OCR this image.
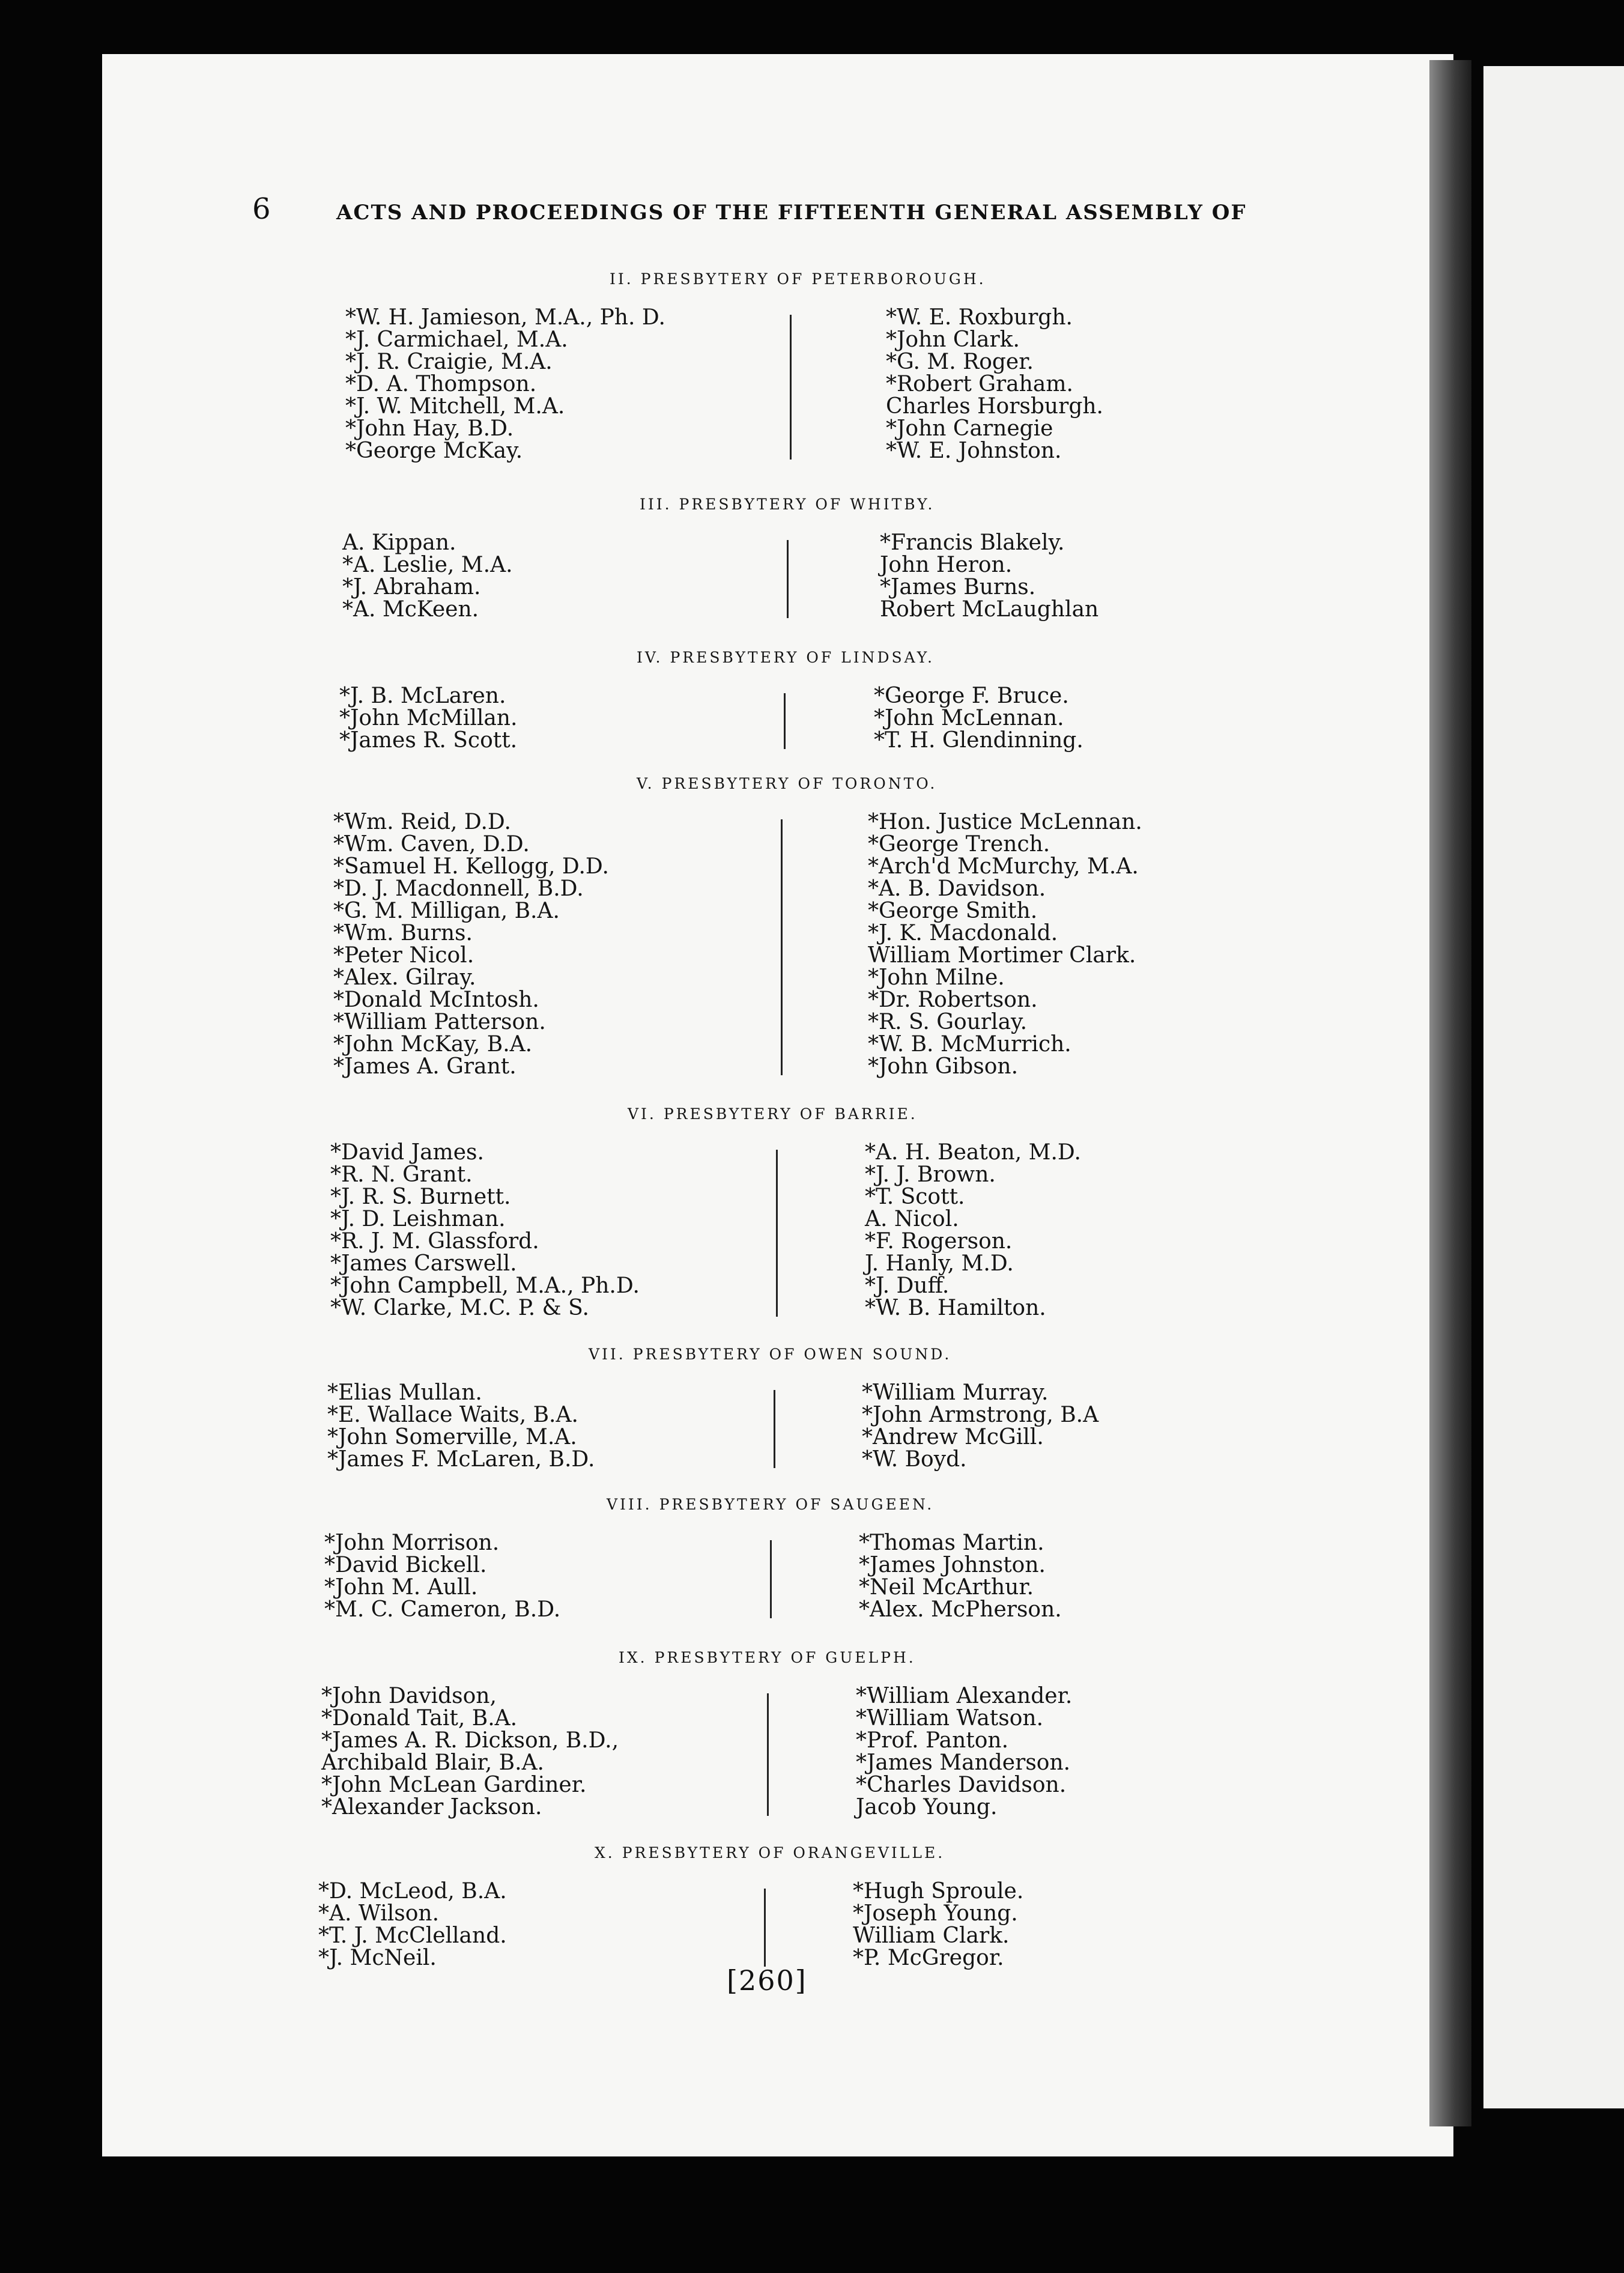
6	ACTS AND PROCEEDINGS OF THE FIFTEENTH GENERAL ASSEMBLY OF
II. PRESBYTERY OF PETERBOROUGH.
*W. H. Jamieson, M.A., Ph. D.
*J. Carmichael, M.A.
*J. R. Craigie, M.A.
*D. A. Thompson.
*J. W. Mitchell, M.A.
*John Hay, B.D.
*George McKay.
*W. E. Roxburgh.
*John Clark.
*G. M. Roger.
*Robert Graham.
Charles Horsburgh.
*John Carnegie
*W. E. Johnston.
III. PRESBYTERY OF WHITBY.
A. Kippan.
*A. Leslie, M.A.
*J. Abraham.
*A. McKeen.
*Francis Blakely.
John Heron.
*James Burns.
Robert McLaughlan
IV. PRESBYTERY OF LINDSAY.
*J. B. McLaren.
*John McMillan.
*James R. Scott.
*George F. Bruce.
*John McLennan.
*T. H. Glendinning.
V. PRESBYTERY OF TORONTO.
*Wm. Reid, D.D.
*Wm. Caven, D.D.
*Samuel H. Kellogg, D.D.
*D. J. Macdonnell, B.D.
*G. M. Milligan, B.A.
*Wm. Burns.
*Peter Nicol.
*Alex. Gilray.
*Donald McIntosh.
*William Patterson.
*John McKay, B.A.
*James A. Grant.
*Hon. Justice McLennan.
*George Trench.
*Arch'd McMurchy, M.A.
*A. B. Davidson.
*George Smith.
*J. K. Macdonald.
William Mortimer Clark.
*John Milne.
*Dr. Robertson.
*R. S. Gourlay.
*W. B. McMurrich.
*John Gibson.
VI. PRESBYTERY OF BARRIE.
*David James.
*R. N. Grant.
*J. R. S. Burnett.
*J. D. Leishman.
*R. J. M. Glassford.
*James Carswell.
*John Campbell, M.A., Ph.D.
*W. Clarke, M.C. P. & S.
*A. H. Beaton, M.D.
*J. J. Brown.
*T. Scott.
A. Nicol.
*F. Rogerson.
J. Hanly, M.D.
*J. Duff.
*W. B. Hamilton.
VII. PRESBYTERY OF OWEN SOUND.
*Elias Mullan.
*E. Wallace Waits, B.A.
*John Somerville, M.A.
*James F. McLaren, B.D.
*William Murray.
*John Armstrong, B.A
*Andrew McGill.
*W. Boyd.
VIII. PRESBYTERY OF SAUGEEN.
*John Morrison.
*David Bickell.
*John M. Aull.
*M. C. Cameron, B.D.
*Thomas Martin.
*James Johnston.
*Neil McArthur.
*Alex. McPherson.
IX. PRESBYTERY OF GUELPH.
*John Davidson,
*Donald Tait, B.A.
*James A. R. Dickson, B.D.,
Archibald Blair, B.A.
*John McLean Gardiner.
*Alexander Jackson.
*William Alexander.
*William Watson.
*Prof. Panton.
*James Manderson.
*Charles Davidson.
Jacob Young.
X. PRESBYTERY OF ORANGEVILLE.
*D. McLeod, B.A.
*A. Wilson.
*T. J. McClelland.
*J. McNeil.
*Hugh Sproule.
*Joseph Young.
William Clark.
*P. McGregor.
[260]
